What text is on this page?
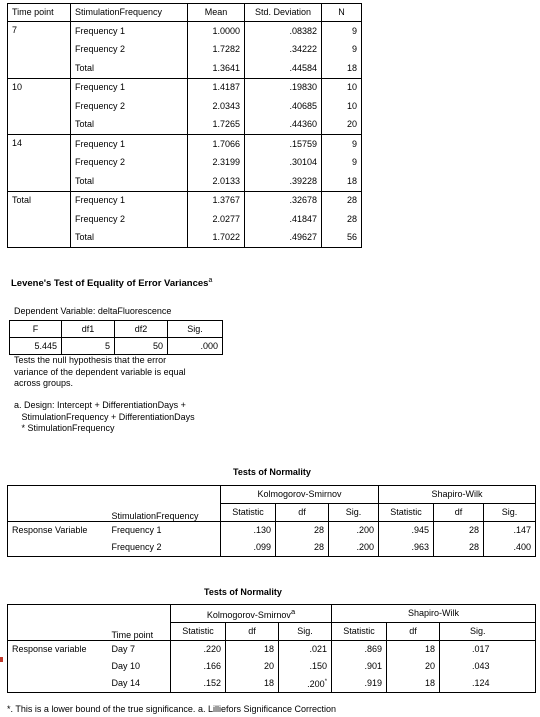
Time point	StimulationFrequency	Mean	Std. Deviation	N
7	Frequency 1	1.0000	.08382	9
	Frequency 2	1.7282	.34222	9
	Total	1.3641	.44584	18
10	Frequency 1	1.4187	.19830	10
	Frequency 2	2.0343	.40685	10
	Total	1.7265	.44360	20
14	Frequency 1	1.7066	.15759	9
	Frequency 2	2.3199	.30104	9
	Total	2.0133	.39228	18
Total	Frequency 1	1.3767	.32678	28
	Frequency 2	2.0277	.41847	28
	Total	1.7022	.49627	56
Levene's Test of Equality of Error Variances$^a$
Dependent Variable: deltaFluorescence
F	df1	df2	Sig.
5.445	5	50	.000
Tests the null hypothesis that the error
variance of the dependent variable is equal
across groups.
a. Design: Intercept + DifferentiationDays +
StimulationFrequency + DifferentiationDays
* StimulationFrequency
Tests of Normality
		Kolmogorov-Smirnov			Shapiro-Wilk		
	StimulationFrequency	Statistic	df	Sig.	Statistic	df	Sig.
Response Variable	Frequency 1	.130	28	.200	.945	28	.147
	Frequency 2	.099	28	.200	.963	28	.400
Tests of Normality
		Kolmogorov-Smirnov$^a$			Shapiro-Wilk		
	Time point	Statistic	df	Sig.	Statistic	df	Sig.
Response variable	Day 7	.220	18	.021	.869	18	.017
	Day 10	.166	20	.150	.901	20	.043
	Day 14	.152	18	.200*	.919	18	.124
*. This is a lower bound of the true significance. a. Lilliefors Significance Correction
